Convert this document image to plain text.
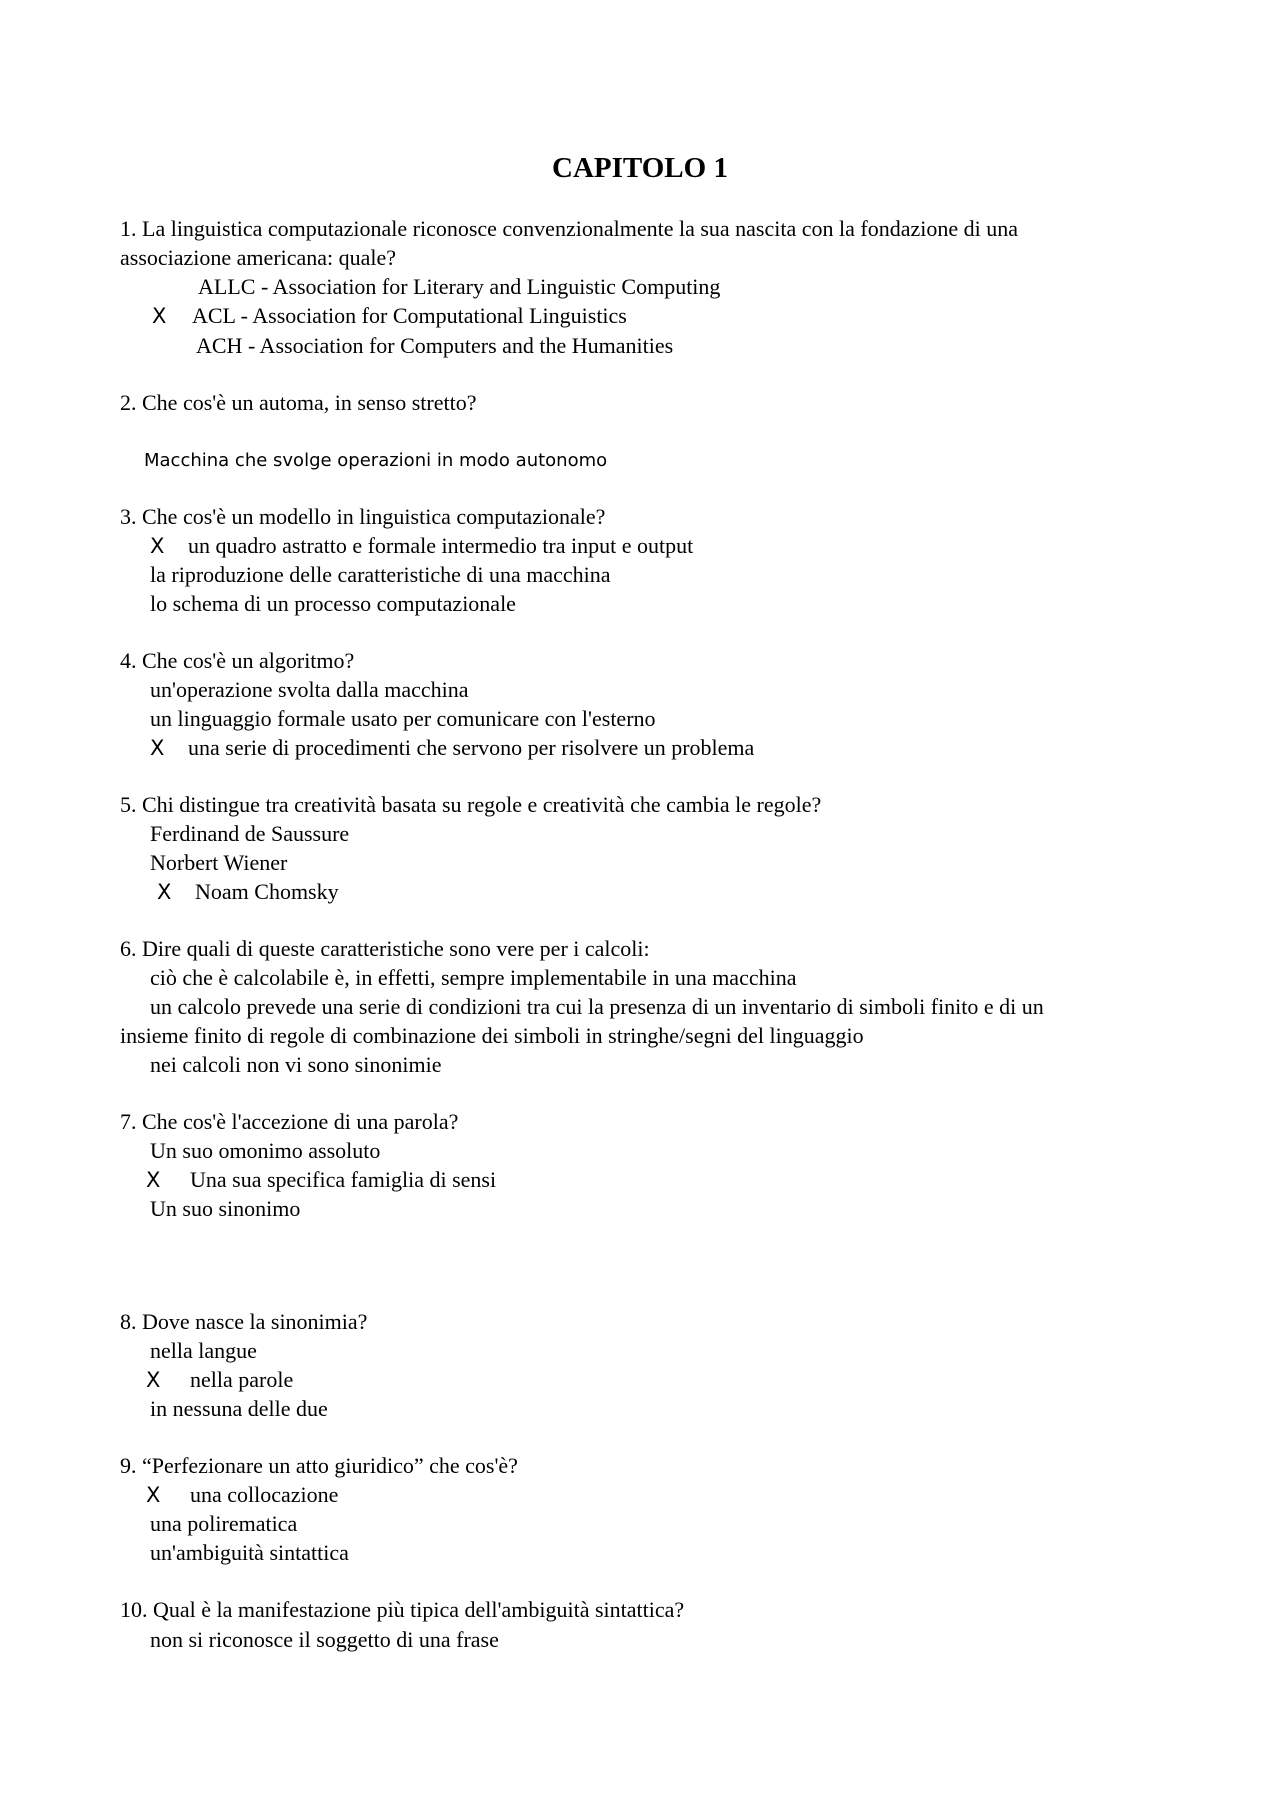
CAPITOLO 1

1. La linguistica computazionale riconosce convenzionalmente la sua nascita con la fondazione di una associazione americana: quale?

ALLC - Association for Literary and Linguistic Computing

X ACL - Association for Computational Linguistics

ACH - Association for Computers and the Humanities

2. Che cos'è un automa, in senso stretto?

Macchina che svolge operazioni in modo autonomo

3. Che cos'è un modello in linguistica computazionale?

X un quadro astratto e formale intermedio tra input e output

la riproduzione delle caratteristiche di una macchina

lo schema di un processo computazionale

4. Che cos'è un algoritmo?

un'operazione svolta dalla macchina

un linguaggio formale usato per comunicare con l'esterno

X una serie di procedimenti che servono per risolvere un problema

5. Chi distingue tra creatività basata su regole e creatività che cambia le regole?

Ferdinand de Saussure

Norbert Wiener

X Noam Chomsky

6. Dire quali di queste caratteristiche sono vere per i calcoli:

ciò che è calcolabile è, in effetti, sempre implementabile in una macchina

un calcolo prevede una serie di condizioni tra cui la presenza di un inventario di simboli finito e di un

insieme finito di regole di combinazione dei simboli in stringhe/segni del linguaggio

nei calcoli non vi sono sinonimie

7. Che cos'è l'accezione di una parola?

Un suo omonimo assoluto

X Una sua specifica famiglia di sensi

Un suo sinonimo

8. Dove nasce la sinonimia?

nella langue

X nella parole

in nessuna delle due

9. “Perfezionare un atto giuridico” che cos'è?

X una collocazione

una polirematica

un'ambiguità sintattica

10. Qual è la manifestazione più tipica dell'ambiguità sintattica?

non si riconosce il soggetto di una frase
